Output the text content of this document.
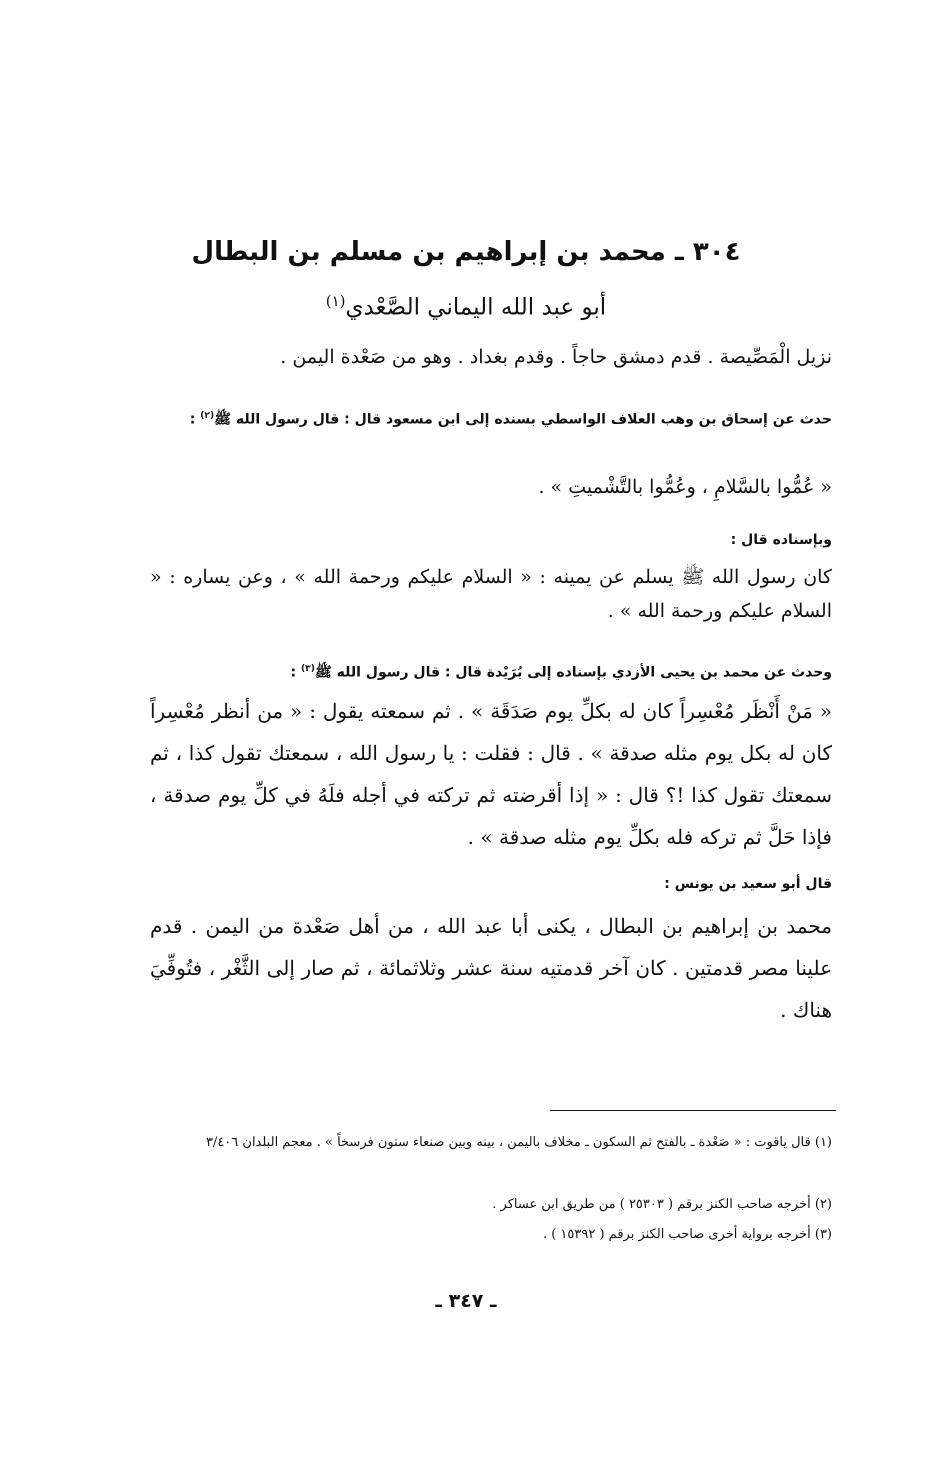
٣٠٤ ـ محمد بن إبراهيم بن مسلم بن البطال
أبو عبد الله اليماني الصَّعْدي$^{(١)}$
نزيل الْمَصِّيصة . قدم دمشق حاجاً . وقدم بغداد . وهو من صَعْدة اليمن .
حدث عن إسحاق بن وهب العلاف الواسطي بسنده إلى ابن مسعود قال : قال رسول الله ﷺ$^{(٢)}$ :
« عُمُّوا بالسَّلامِ ، وعُمُّوا بالتَّشْميتِ » .
وبإسناده قال :
كان رسول الله ﷺ يسلم عن يمينه : « السلام عليكم ورحمة الله » ، وعن يساره : « السلام عليكم ورحمة الله » .
وحدث عن محمد بن يحيى الأزدي بإسناده إلى بُرَيْدة قال : قال رسول الله ﷺ$^{(٣)}$ :
« مَنْ أَنْظَر مُعْسِراً كان له بكلِّ يوم صَدَقَة » . ثم سمعته يقول : « من أنظر مُعْسِراً كان له بكل يوم مثله صدقة » . قال : فقلت : يا رسول الله ، سمعتك تقول كذا ، ثم سمعتك تقول كذا !؟ قال : « إذا أقرضته ثم تركته في أجله فلَهُ في كلِّ يوم صدقة ، فإذا حَلَّ ثم تركه فله بكلِّ يوم مثله صدقة » .
قال أبو سعيد بن يونس :
محمد بن إبراهيم بن البطال ، يكنى أبا عبد الله ، من أهل صَعْدة من اليمن . قدم علينا مصر قدمتين . كان آخر قدمتيه سنة عشر وثلاثمائة ، ثم صار إلى الثَّغْر ، فتُوفِّيَ هناك .
(١) قال ياقوت : « صَعْدة ـ بالفتح ثم السكون ـ مخلاف باليمن ، بينه وبين صنعاء ستون فرسخاً » . معجم البلدان ٣/٤٠٦
(٢) أخرجه صاحب الكنز برقم ( ٢٥٣٠٣ ) من طريق ابن عساكر .
(٣) أخرجه برواية أخرى صاحب الكنز برقم ( ١٥٣٩٢ ) .
ـ ٣٤٧ ـ
